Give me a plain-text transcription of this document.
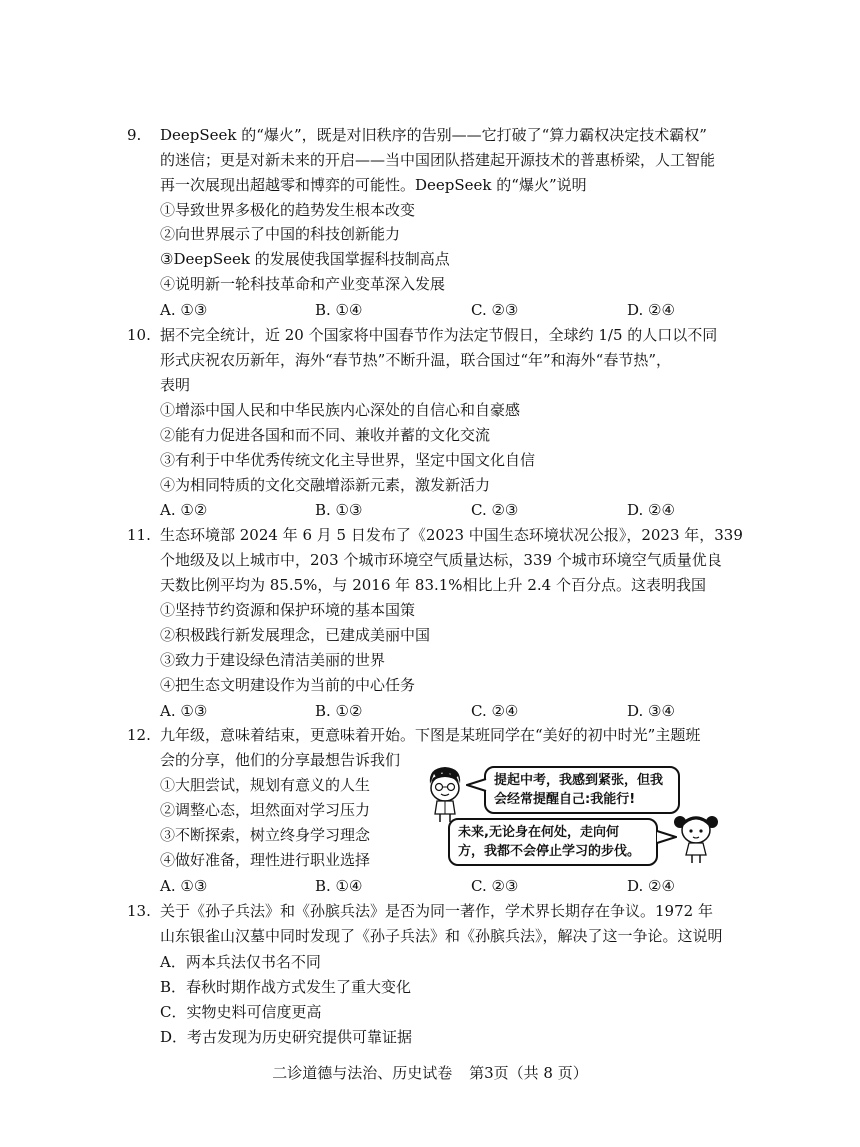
9. DeepSeek 的“爆火”，既是对旧秩序的告别——它打破了“算力霸权决定技术霸权”
的迷信；更是对新未来的开启——当中国团队搭建起开源技术的普惠桥梁，人工智能
再一次展现出超越零和博弈的可能性。DeepSeek 的“爆火”说明
①导致世界多极化的趋势发生根本改变
②向世界展示了中国的科技创新能力
③DeepSeek 的发展使我国掌握科技制高点
④说明新一轮科技革命和产业变革深入发展
A. ①③	B. ①④	C. ②③	D. ②④
10. 据不完全统计，近 20 个国家将中国春节作为法定节假日，全球约 1/5 的人口以不同
形式庆祝农历新年，海外“春节热”不断升温，联合国过“年”和海外“春节热”，
表明
①增添中国人民和中华民族内心深处的自信心和自豪感
②能有力促进各国和而不同、兼收并蓄的文化交流
③有利于中华优秀传统文化主导世界，坚定中国文化自信
④为相同特质的文化交融增添新元素，激发新活力
A. ①②	B. ①③	C. ②③	D. ②④
11. 生态环境部 2024 年 6 月 5 日发布了《2023 中国生态环境状况公报》，2023 年，339
个地级及以上城市中，203 个城市环境空气质量达标，339 个城市环境空气质量优良
天数比例平均为 85.5%，与 2016 年 83.1%相比上升 2.4 个百分点。这表明我国
①坚持节约资源和保护环境的基本国策
②积极践行新发展理念，已建成美丽中国
③致力于建设绿色清洁美丽的世界
④把生态文明建设作为当前的中心任务
A. ①③	B. ①②	C. ②④	D. ③④
12. 九年级，意味着结束，更意味着开始。下图是某班同学在“美好的初中时光”主题班
会的分享，他们的分享最想告诉我们
①大胆尝试，规划有意义的人生
②调整心态，坦然面对学习压力
③不断探索，树立终身学习理念
④做好准备，理性进行职业选择
提起中考，我感到紧张，但我
会经常提醒自己:我能行!
未来,无论身在何处，走向何
方，我都不会停止学习的步伐。
A. ①③	B. ①④	C. ②③	D. ②④
13. 关于《孙子兵法》和《孙膑兵法》是否为同一著作，学术界长期存在争议。1972 年
山东银雀山汉墓中同时发现了《孙子兵法》和《孙膑兵法》，解决了这一争论。这说明
A．两本兵法仅书名不同
B．春秋时期作战方式发生了重大变化
C．实物史料可信度更高
D．考古发现为历史研究提供可靠证据
二诊道德与法治、历史试卷 第3页（共 8 页）
